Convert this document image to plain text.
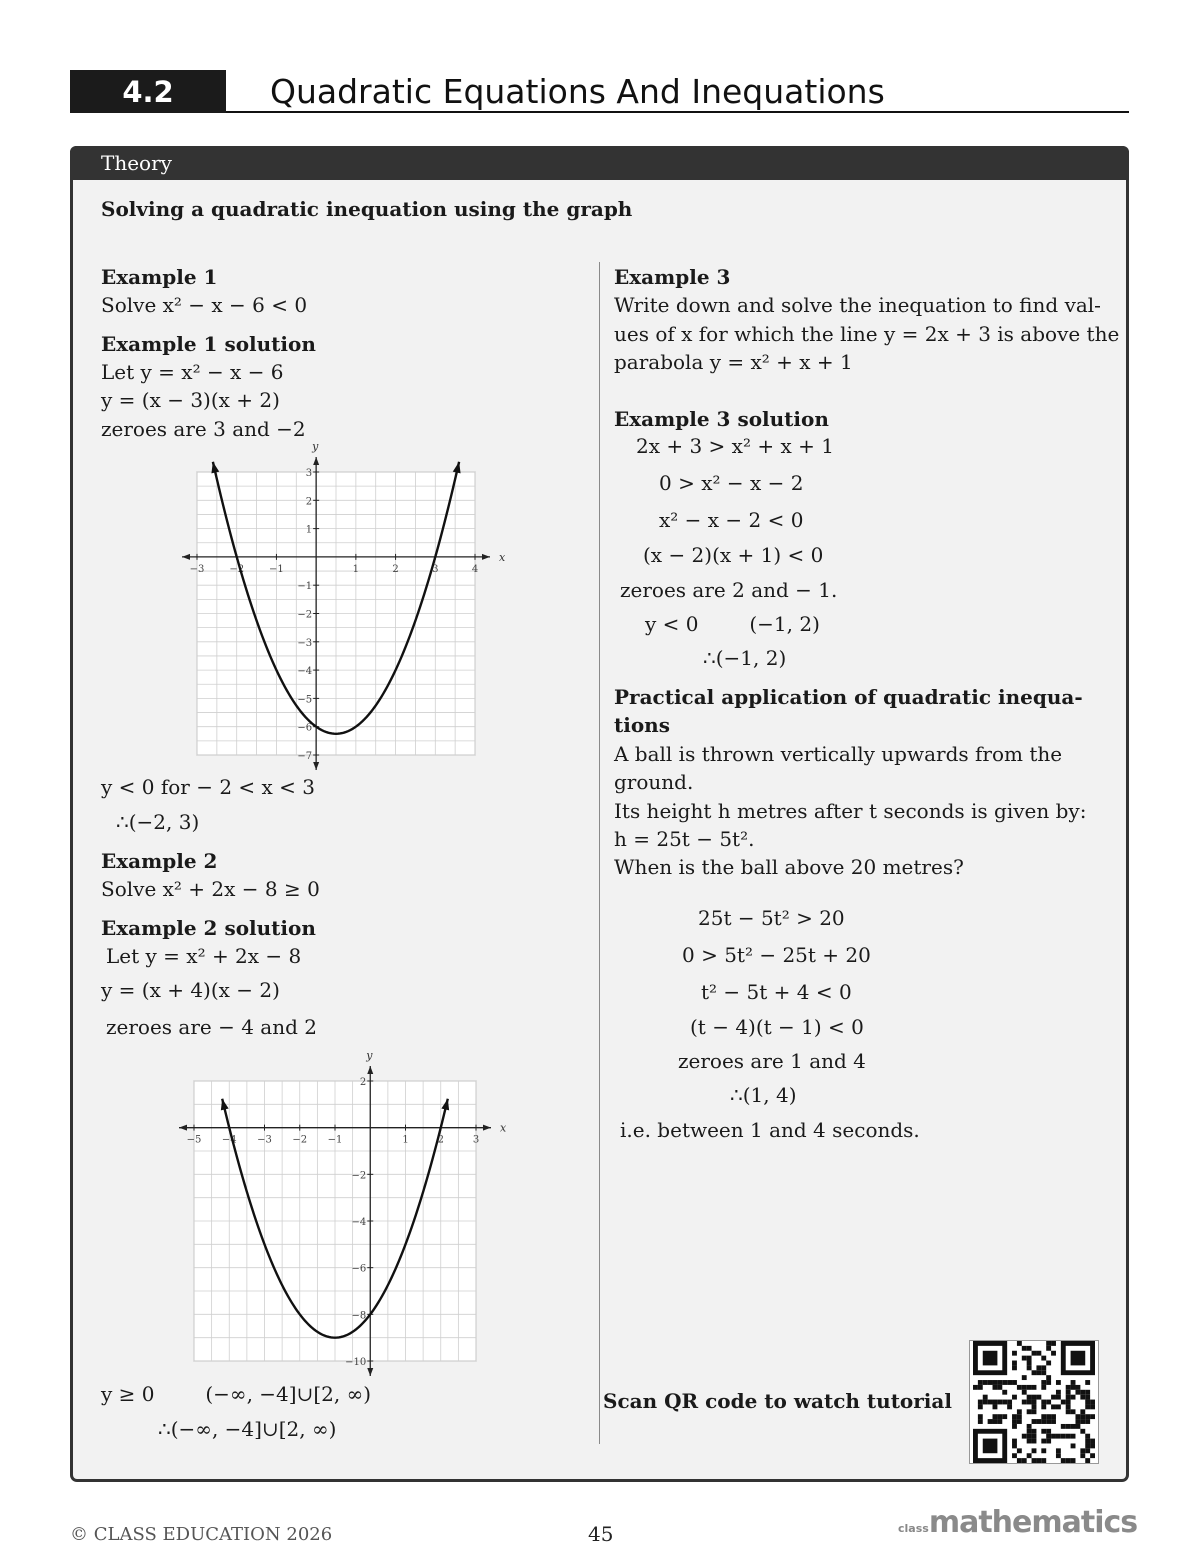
4.2	Quadratic Equations And Inequations
Theory
Solving a quadratic inequation using the graph
Example 1
Solve x² − x − 6 < 0
Example 1 solution
Let y = x² − x − 6
y = (x − 3)(x + 2)
zeroes are 3 and −2
x
y
−3 −2 −1	1	2	3	4
3
2
1
−1
−2
−3
−4
−5
−6
−7
y < 0 for − 2 < x < 3
∴(−2, 3)
Example 2
Solve x² + 2x − 8 ≥ 0
Example 2 solution
Let y = x² + 2x − 8
y = (x + 4)(x − 2)
zeroes are − 4 and 2
x
y
−5 −4 −3 −2 −1	1	2	3
2
−2
−4
−6
−8
−10
y ≥ 0        (−∞, −4]∪[2, ∞)
∴(−∞, −4]∪[2, ∞)
Example 3
Write down and solve the inequation to find val-
ues of x for which the line y = 2x + 3 is above the
parabola y = x² + x + 1
Example 3 solution
2x + 3 > x² + x + 1
0 > x² − x − 2
x² − x − 2 < 0
(x − 2)(x + 1) < 0
zeroes are 2 and − 1.
y < 0        (−1, 2)
∴(−1, 2)
Practical application of quadratic inequa-
tions
A ball is thrown vertically upwards from the
ground.
Its height h metres after t seconds is given by:
h = 25t − 5t².
When is the ball above 20 metres?
25t − 5t² > 20
0 > 5t² − 25t + 20
t² − 5t + 4 < 0
(t − 4)(t − 1) < 0
zeroes are 1 and 4
∴(1, 4)
i.e. between 1 and 4 seconds.
Scan QR code to watch tutorial
© CLASS EDUCATION 2026	45	classmathematics
